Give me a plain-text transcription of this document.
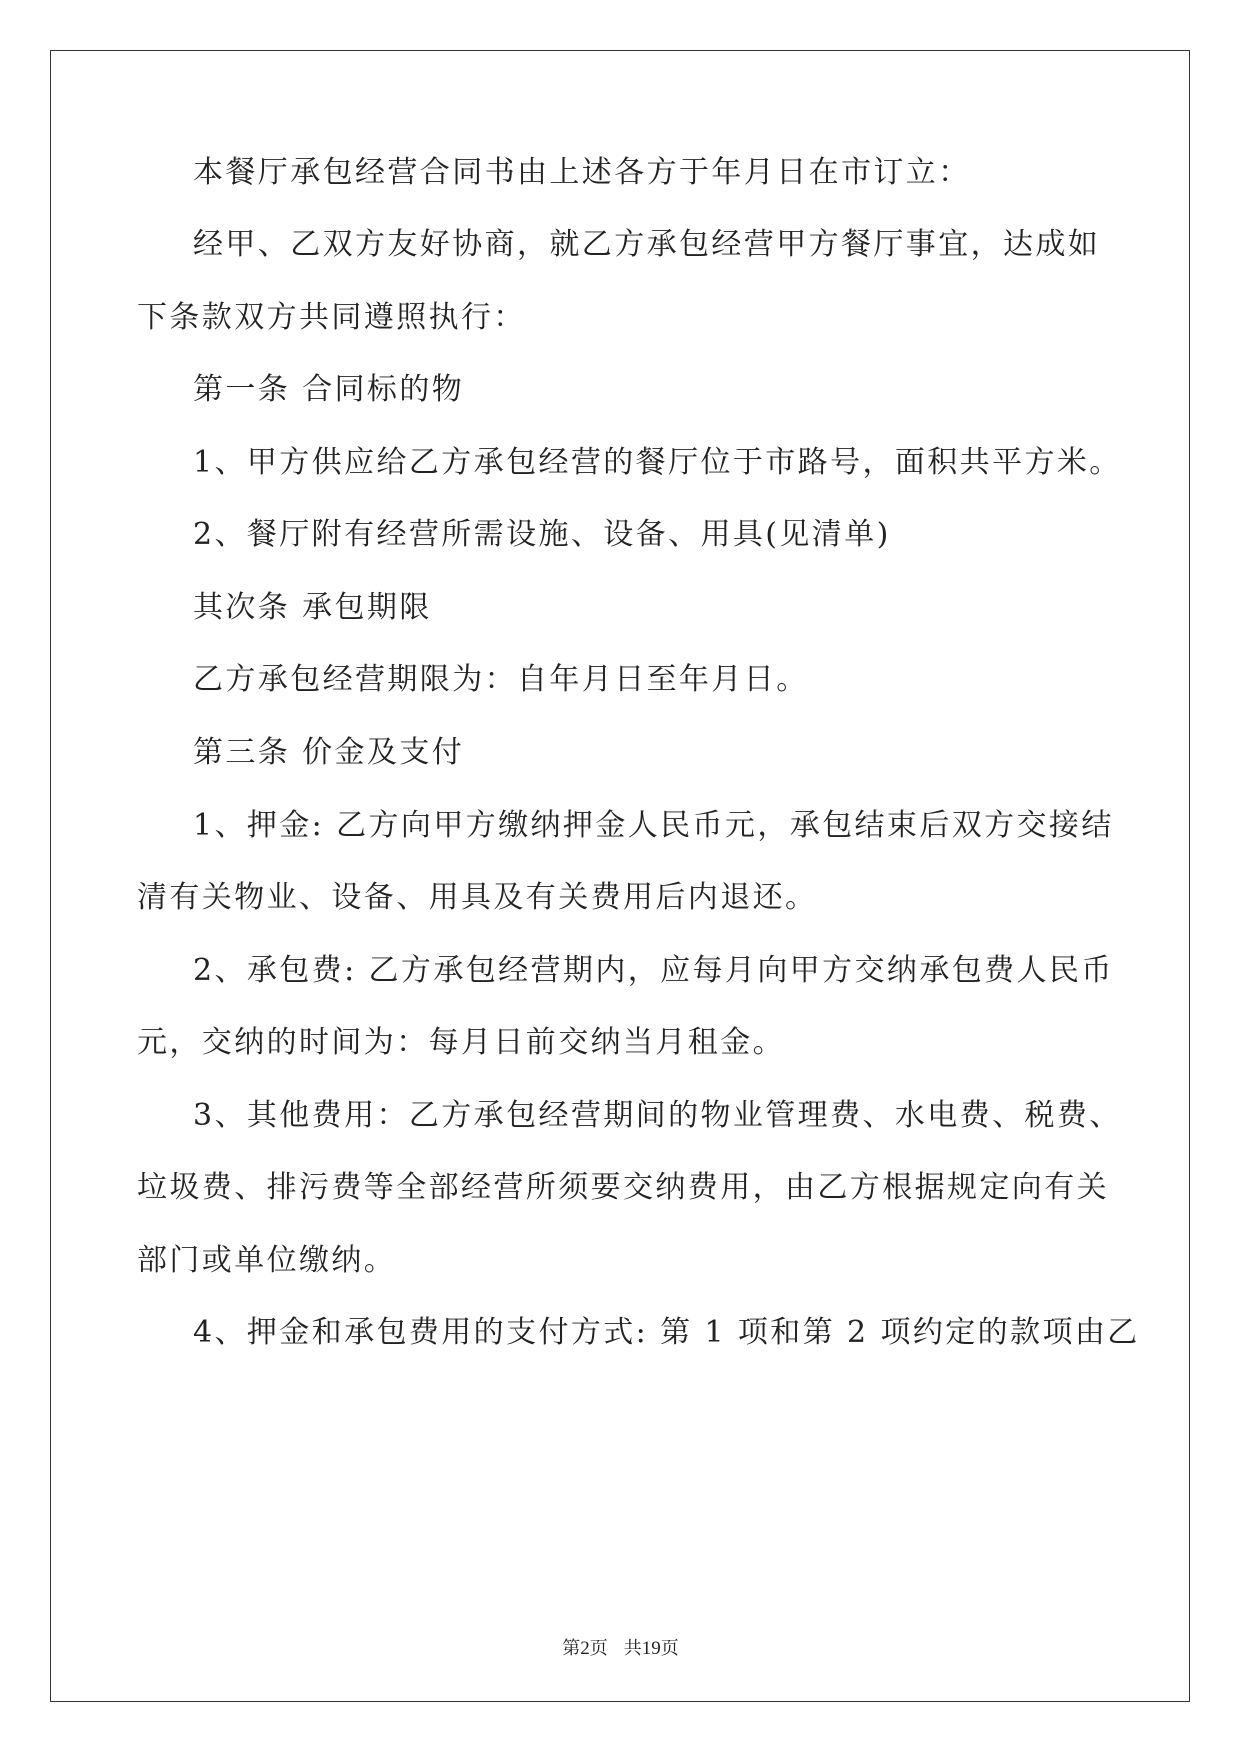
本餐厅承包经营合同书由上述各方于年月日在市订立：
经甲、乙双方友好协商，就乙方承包经营甲方餐厅事宜，达成如
下条款双方共同遵照执行：
第一条 合同标的物
1、甲方供应给乙方承包经营的餐厅位于市路号，面积共平方米。
2、餐厅附有经营所需设施、设备、用具(见清单)
其次条 承包期限
乙方承包经营期限为：自年月日至年月日。
第三条 价金及支付
1、押金: 乙方向甲方缴纳押金人民币元，承包结束后双方交接结
清有关物业、设备、用具及有关费用后内退还。
2、承包费: 乙方承包经营期内，应每月向甲方交纳承包费人民币
元，交纳的时间为：每月日前交纳当月租金。
3、其他费用：乙方承包经营期间的物业管理费、水电费、税费、
垃圾费、排污费等全部经营所须要交纳费用，由乙方根据规定向有关
部门或单位缴纳。
4、押金和承包费用的支付方式: 第 1 项和第 2 项约定的款项由乙
第2页 共19页
